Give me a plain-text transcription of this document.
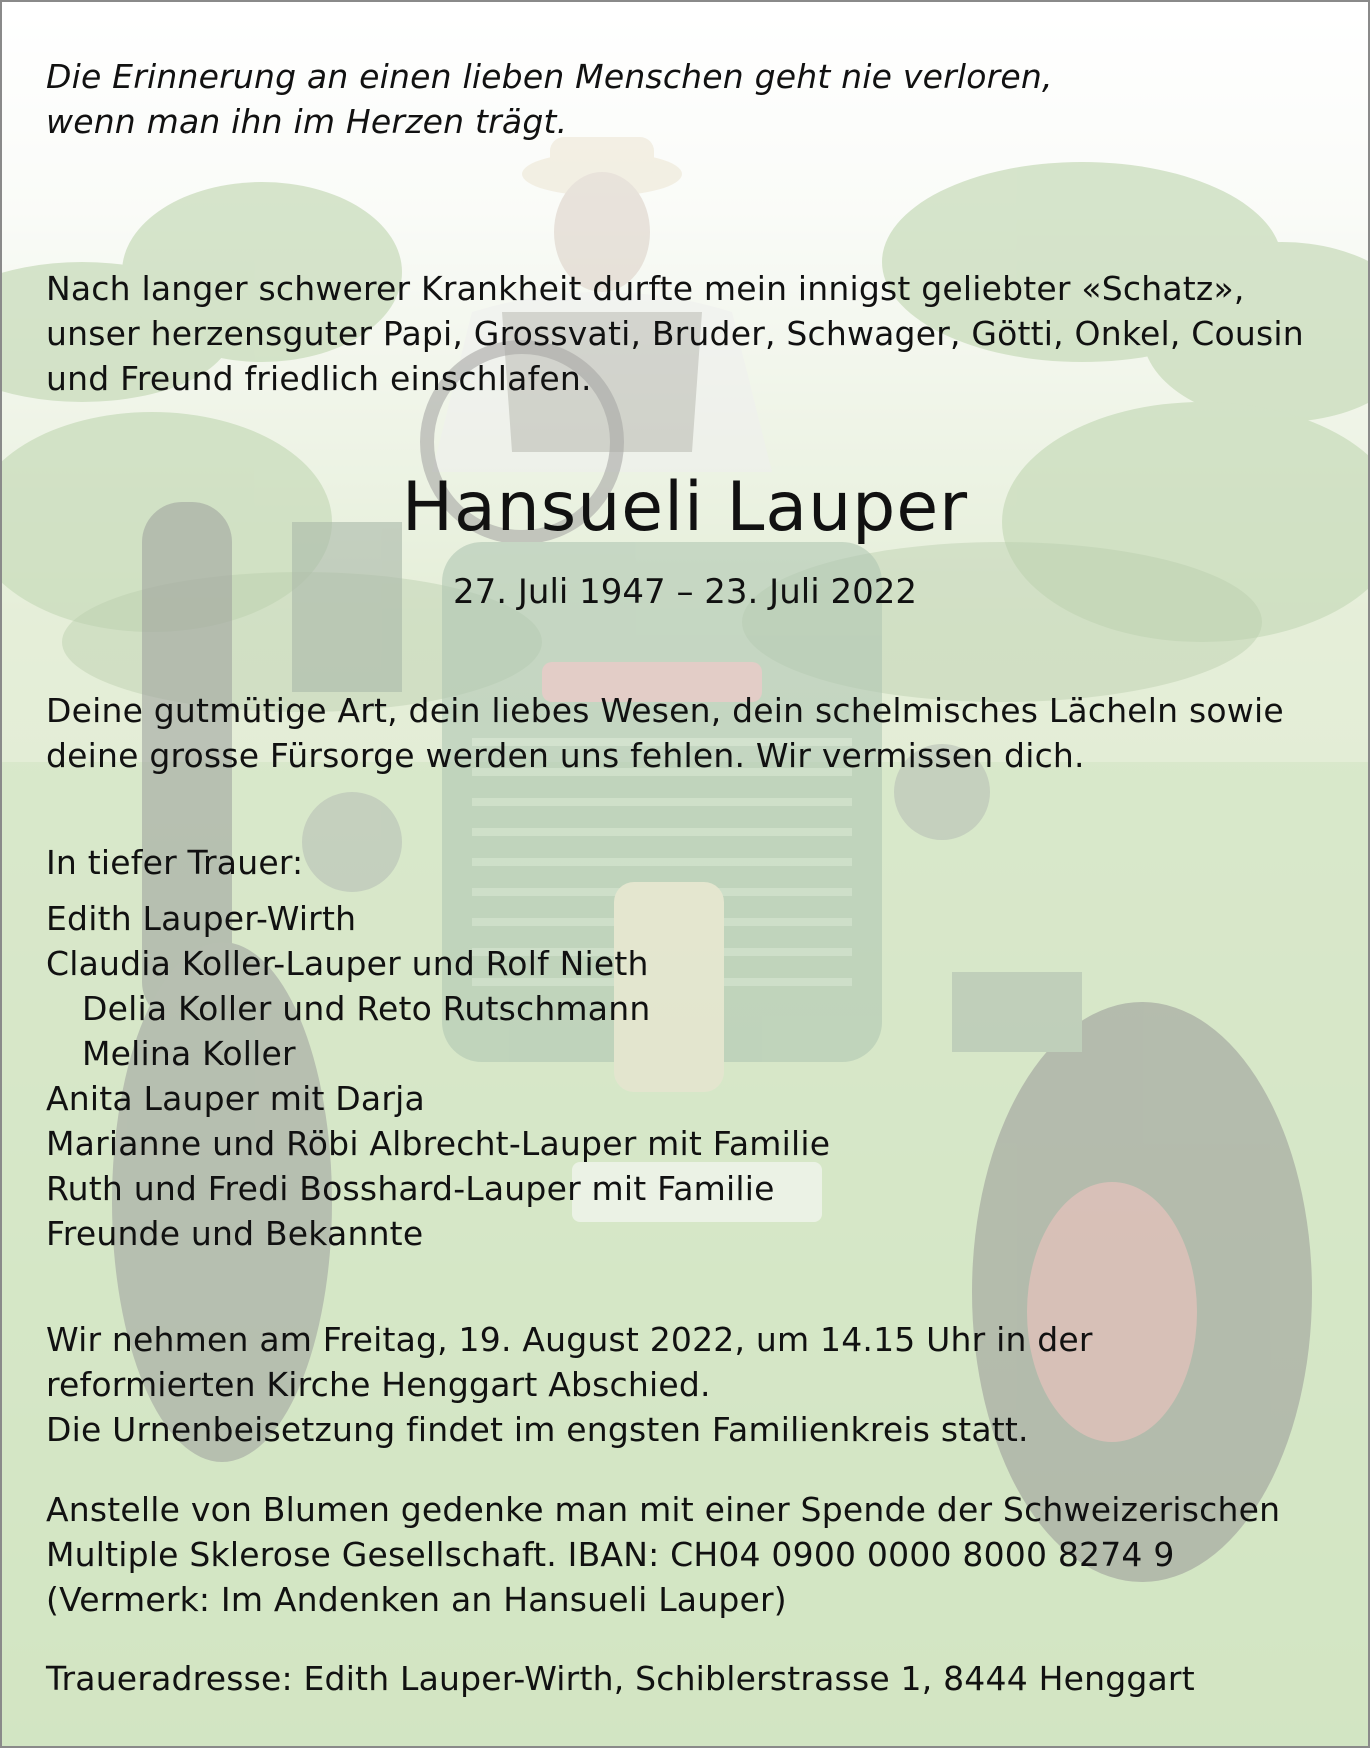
Die Erinnerung an einen lieben Menschen geht nie verloren,
wenn man ihn im Herzen trägt.
Nach langer schwerer Krankheit durfte mein innigst geliebter «Schatz»,
unser herzensguter Papi, Grossvati, Bruder, Schwager, Götti, Onkel, Cousin
und Freund friedlich einschlafen.
Hansueli Lauper
27. Juli 1947 – 23. Juli 2022
Deine gutmütige Art, dein liebes Wesen, dein schelmisches Lächeln sowie
deine grosse Fürsorge werden uns fehlen. Wir vermissen dich.
In tiefer Trauer:
Edith Lauper-Wirth
Claudia Koller-Lauper und Rolf Nieth
Delia Koller und Reto Rutschmann
Melina Koller
Anita Lauper mit Darja
Marianne und Röbi Albrecht-Lauper mit Familie
Ruth und Fredi Bosshard-Lauper mit Familie
Freunde und Bekannte
Wir nehmen am Freitag, 19. August 2022, um 14.15 Uhr in der
reformierten Kirche Henggart Abschied.
Die Urnenbeisetzung findet im engsten Familienkreis statt.
Anstelle von Blumen gedenke man mit einer Spende der Schweizerischen
Multiple Sklerose Gesellschaft. IBAN: CH04 0900 0000 8000 8274 9
(Vermerk: Im Andenken an Hansueli Lauper)
Traueradresse: Edith Lauper-Wirth, Schiblerstrasse 1, 8444 Henggart
